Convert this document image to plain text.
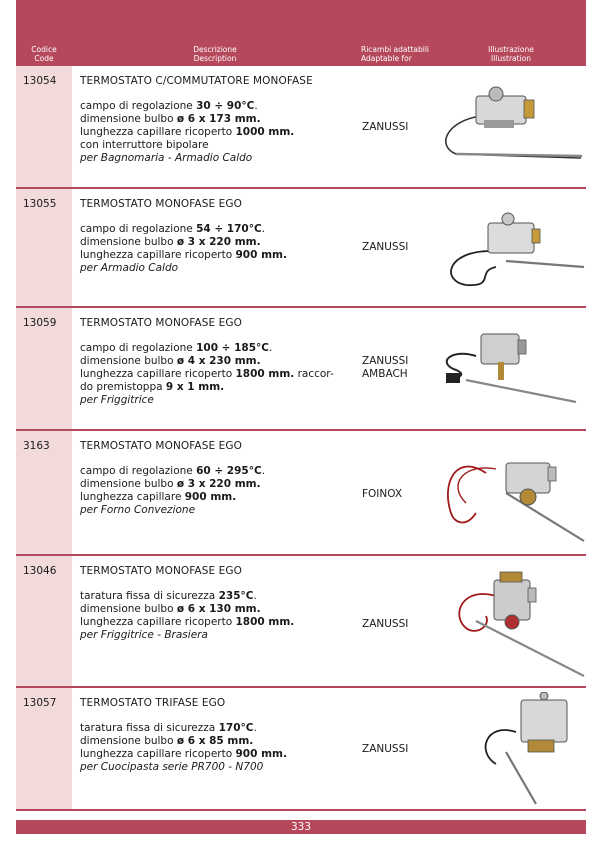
Codice
Code
Descrizione
Description
Ricambi adattabili
Adaptable for
Illustrazione
Illustration
13054 TERMOSTATO C/COMMUTATORE MONOFASE
campo di regolazione 30 ÷ 90°C.
dimensione bulbo ø 6 x 173 mm.
lunghezza capillare ricoperto 1000 mm.
con interruttore bipolare
per Bagnomaria - Armadio Caldo
ZANUSSI
13055 TERMOSTATO MONOFASE EGO
campo di regolazione 54 ÷ 170°C.
dimensione bulbo ø 3 x 220 mm.
lunghezza capillare ricoperto 900 mm.
per Armadio Caldo
ZANUSSI
13059 TERMOSTATO MONOFASE EGO
campo di regolazione 100 ÷ 185°C.
dimensione bulbo ø 4 x 230 mm.
lunghezza capillare ricoperto 1800 mm. raccor-
do premistoppa 9 x 1 mm.
per Friggitrice
ZANUSSI
AMBACH
3163	TERMOSTATO MONOFASE EGO
campo di regolazione 60 ÷ 295°C.
dimensione bulbo ø 3 x 220 mm.
lunghezza capillare 900 mm.
per Forno Convezione
FOINOX
13046 TERMOSTATO MONOFASE EGO
taratura fissa di sicurezza 235°C.
dimensione bulbo ø 6 x 130 mm.
lunghezza capillare ricoperto 1800 mm.
per Friggitrice - Brasiera
ZANUSSI
13057 TERMOSTATO TRIFASE EGO
taratura fissa di sicurezza 170°C.
dimensione bulbo ø 6 x 85 mm.
lunghezza capillare ricoperto 900 mm.
per Cuocipasta serie PR700 - N700
ZANUSSI
333
